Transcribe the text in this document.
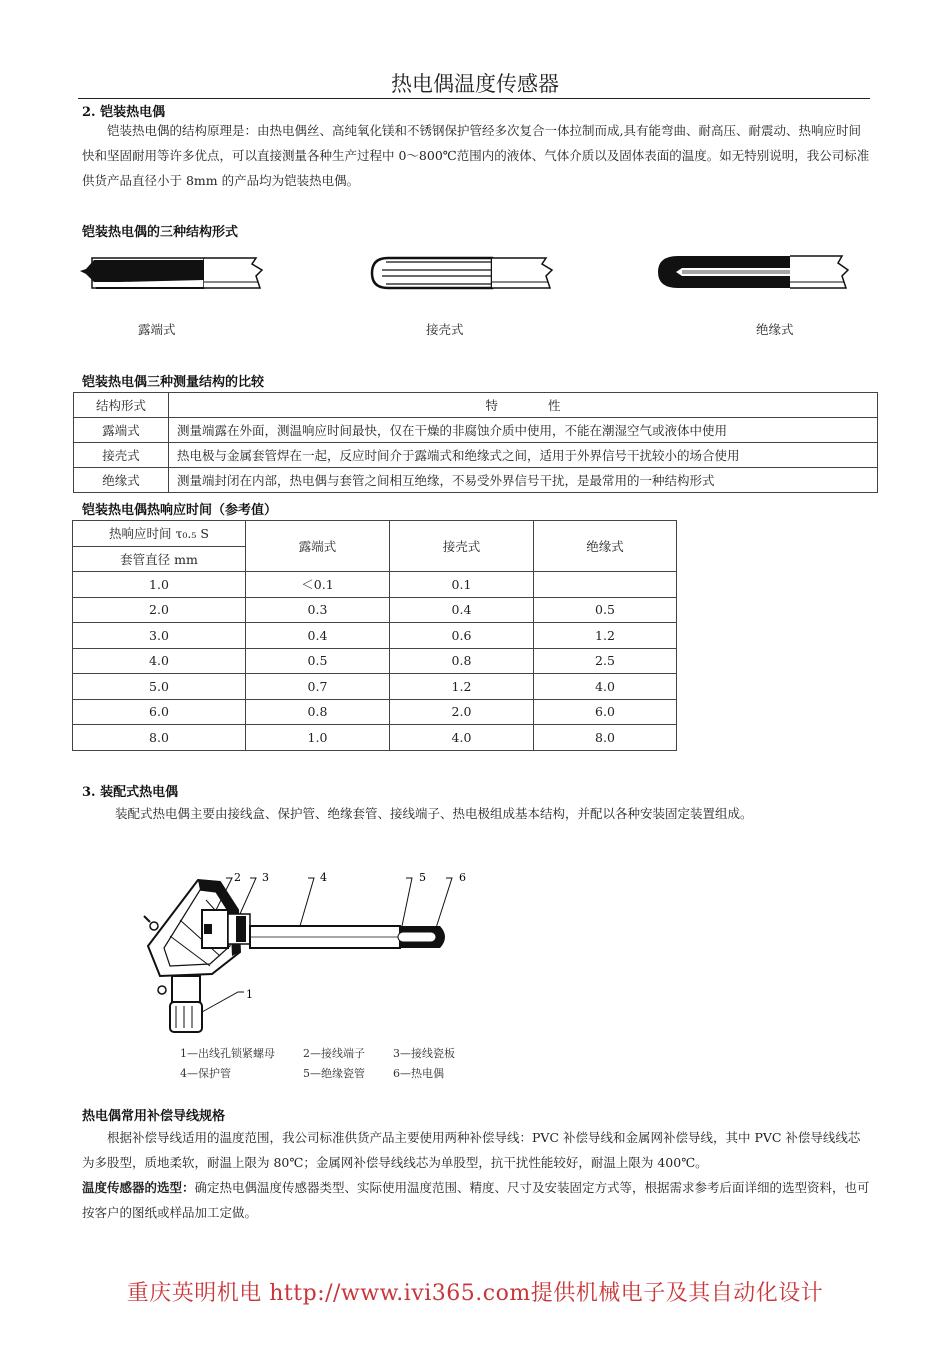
热电偶温度传感器
2. 铠装热电偶
铠装热电偶的结构原理是：由热电偶丝、高纯氧化镁和不锈钢保护管经多次复合一体拉制而成,具有能弯曲、耐高压、耐震动、热响应时间快和坚固耐用等许多优点，可以直接测量各种生产过程中 0～800℃范围内的液体、气体介质以及固体表面的温度。如无特别说明，我公司标准供货产品直径小于 8mm 的产品均为铠装热电偶。
铠装热电偶的三种结构形式
露端式	接壳式	绝缘式
铠装热电偶三种测量结构的比较
结构形式	特　　　　性
露端式	测量端露在外面，测温响应时间最快，仅在干燥的非腐蚀介质中使用，不能在潮湿空气或液体中使用
接壳式	热电极与金属套管焊在一起，反应时间介于露端式和绝缘式之间，适用于外界信号干扰较小的场合使用
绝缘式	测量端封闭在内部，热电偶与套管之间相互绝缘，不易受外界信号干扰，是最常用的一种结构形式
铠装热电偶热响应时间（参考值）
热响应时间 τ₀.₅ S	露端式	接壳式	绝缘式
套管直径 mm			
1.0	＜0.1	0.1	
2.0	0.3	0.4	0.5
3.0	0.4	0.6	1.2
4.0	0.5	0.8	2.5
5.0	0.7	1.2	4.0
6.0	0.8	2.0	6.0
8.0	1.0	4.0	8.0
3. 装配式热电偶
装配式热电偶主要由接线盒、保护管、绝缘套管、接线端子、热电极组成基本结构，并配以各种安装固定装置组成。
2 3	4	5	6
1
1—出线孔锁紧螺母	2—接线端子	3—接线瓷板
4—保护管	5—绝缘瓷管	6—热电偶
热电偶常用补偿导线规格
根据补偿导线适用的温度范围，我公司标准供货产品主要使用两种补偿导线：PVC 补偿导线和金属网补偿导线，其中 PVC 补偿导线线芯为多股型，质地柔软，耐温上限为 80℃；金属网补偿导线线芯为单股型，抗干扰性能较好，耐温上限为 400℃。
温度传感器的选型：确定热电偶温度传感器类型、实际使用温度范围、精度、尺寸及安装固定方式等，根据需求参考后面详细的选型资料，也可按客户的图纸或样品加工定做。
重庆英明机电 http://www.ivi365.com提供机械电子及其自动化设计
